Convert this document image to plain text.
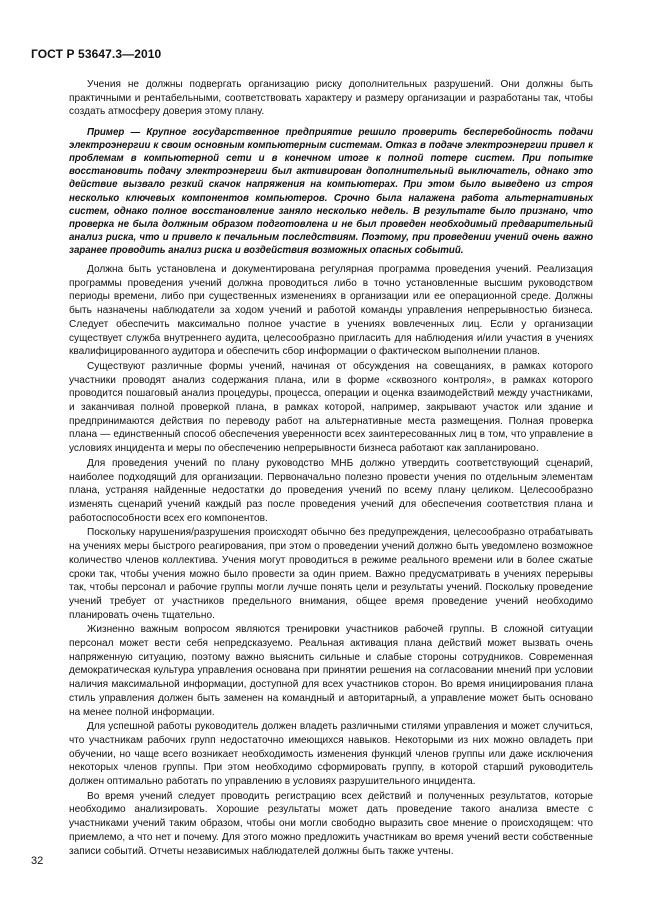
ГОСТ Р 53647.3—2010

Учения не должны подвергать организацию риску дополнительных разрушений. Они должны быть практичными и рентабельными, соответствовать характеру и размеру организации и разработаны так, чтобы создать атмосферу доверия этому плану.

Пример — Крупное государственное предприятие решило проверить бесперебойность подачи электроэнергии к своим основным компьютерным системам. Отказ в подаче электроэнергии привел к проблемам в компьютерной сети и в конечном итоге к полной потере систем. При попытке восстановить подачу электроэнергии был активирован дополнительный выключатель, однако это действие вызвало резкий скачок напряжения на компьютерах. При этом было выведено из строя несколько ключевых компонентов компьютеров. Срочно была налажена работа альтернативных систем, однако полное восстановление заняло несколько недель. В результате было признано, что проверка не была должным образом подготовлена и не был проведен необходимый предварительный анализ риска, что и привело к печальным последствиям. Поэтому, при проведении учений очень важно заранее проводить анализ риска и воздействия возможных опасных событий.

Должна быть установлена и документирована регулярная программа проведения учений. Реализация программы проведения учений должна проводиться либо в точно установленные высшим руководством периоды времени, либо при существенных изменениях в организации или ее операционной среде. Должны быть назначены наблюдатели за ходом учений и работой команды управления непрерывностью бизнеса. Следует обеспечить максимально полное участие в учениях вовлеченных лиц. Если у организации существует служба внутреннего аудита, целесообразно пригласить для наблюдения и/или участия в учениях квалифицированного аудитора и обеспечить сбор информации о фактическом выполнении планов.

Существуют различные формы учений, начиная от обсуждения на совещаниях, в рамках которого участники проводят анализ содержания плана, или в форме «сквозного контроля», в рамках которого проводится пошаговый анализ процедуры, процесса, операции и оценка взаимодействий между участниками, и заканчивая полной проверкой плана, в рамках которой, например, закрывают участок или здание и предпринимаются действия по переводу работ на альтернативные места размещения. Полная проверка плана — единственный способ обеспечения уверенности всех заинтересованных лиц в том, что управление в условиях инцидента и меры по обеспечению непрерывности бизнеса работают как запланировано.

Для проведения учений по плану руководство МНБ должно утвердить соответствующий сценарий, наиболее подходящий для организации. Первоначально полезно провести учения по отдельным элементам плана, устраняя найденные недостатки до проведения учений по всему плану целиком. Целесообразно изменять сценарий учений каждый раз после проведения учений для обеспечения соответствия плана и работоспособности всех его компонентов.

Поскольку нарушения/разрушения происходят обычно без предупреждения, целесообразно отрабатывать на учениях меры быстрого реагирования, при этом о проведении учений должно быть уведомлено возможное количество членов коллектива. Учения могут проводиться в режиме реального времени или в более сжатые сроки так, чтобы учения можно было провести за один прием. Важно предусматривать в учениях перерывы так, чтобы персонал и рабочие группы могли лучше понять цели и результаты учений. Поскольку проведение учений требует от участников предельного внимания, общее время проведение учений необходимо планировать очень тщательно.

Жизненно важным вопросом являются тренировки участников рабочей группы. В сложной ситуации персонал может вести себя непредсказуемо. Реальная активация плана действий может вызвать очень напряженную ситуацию, поэтому важно выяснить сильные и слабые стороны сотрудников. Современная демократическая культура управления основана при принятии решения на согласовании мнений при условии наличия максимальной информации, доступной для всех участников сторон. Во время инициирования плана стиль управления должен быть заменен на командный и авторитарный, а управление может быть основано на менее полной информации.

Для успешной работы руководитель должен владеть различными стилями управления и может случиться, что участникам рабочих групп недостаточно имеющихся навыков. Некоторыми из них можно овладеть при обучении, но чаще всего возникает необходимость изменения функций членов группы или даже исключения некоторых членов группы. При этом необходимо сформировать группу, в которой старший руководитель должен оптимально работать по управлению в условиях разрушительного инцидента.

Во время учений следует проводить регистрацию всех действий и полученных результатов, которые необходимо анализировать. Хорошие результаты может дать проведение такого анализа вместе с участниками учений таким образом, чтобы они могли свободно выразить свое мнение о происходящем: что приемлемо, а что нет и почему. Для этого можно предложить участникам во время учений вести собственные записи событий. Отчеты независимых наблюдателей должны быть также учтены.

32
